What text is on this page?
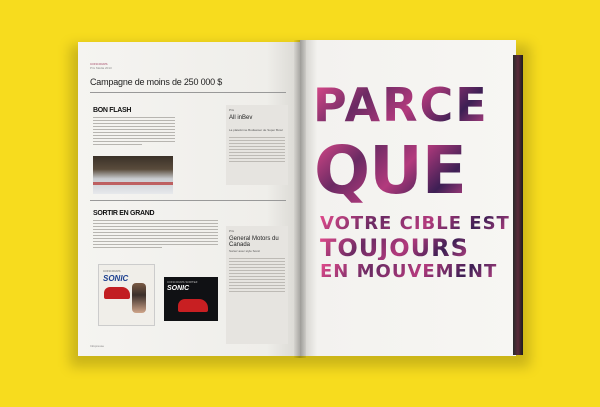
CONCOURS
Prix Média 2013
Campagne de moins de 250 000 $
BON FLASH	Prix
All inBev
La plateforme Budweiser de Super Bowl
SORTIR EN GRAND
Prix
General Motors du Canada
Sortez avec style Sonic
CONCOURS
SONIC	CONCOURS SORTEZ
SONIC
Infopresse
PARCE
QUE
VOTRE CIBLE EST
TOUJOURS
EN MOUVEMENT
